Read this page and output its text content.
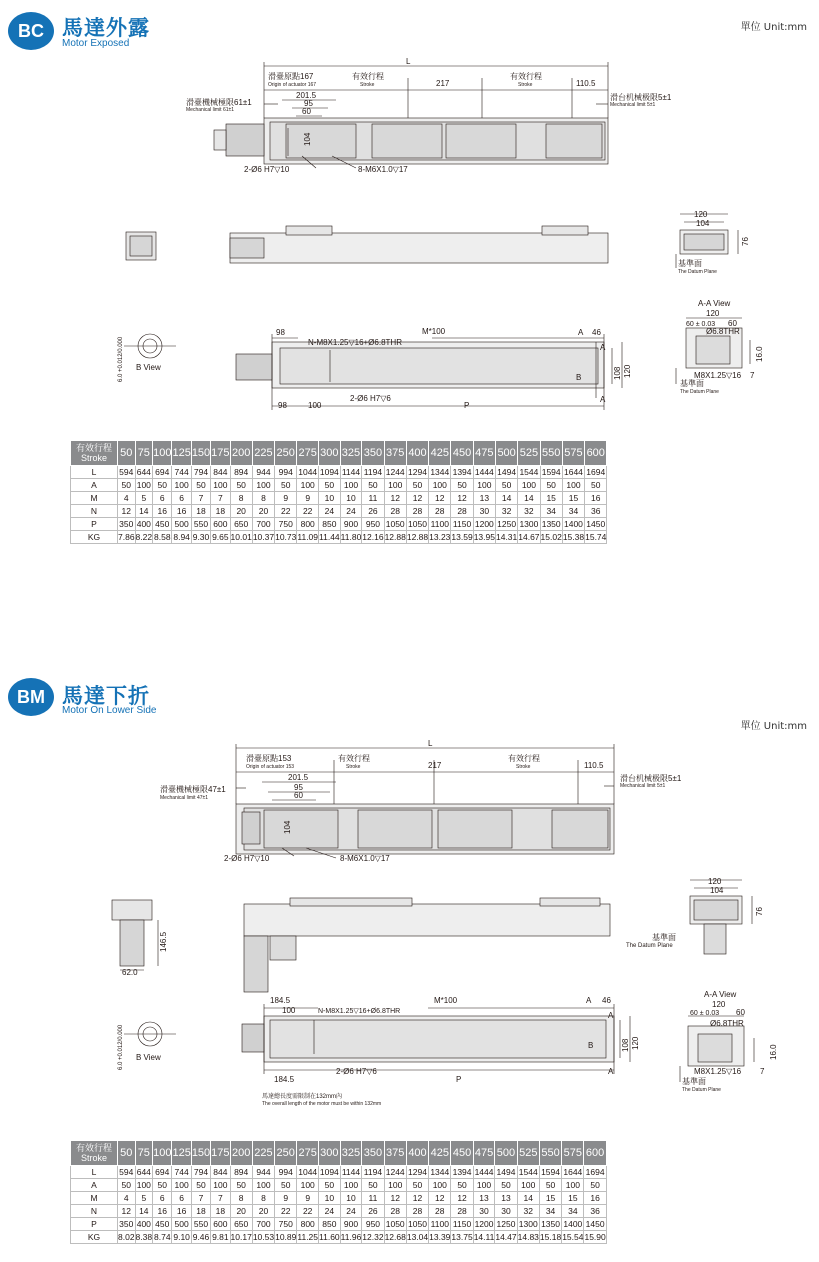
BC 馬達外露
Motor Exposed
單位 Unit:mm
L
滑臺原點167
Origin of actuator 167
有效行程
Stroke	217
有效行程
Stroke	110.5
滑台机械极限5±1
Mechanical limit 5±1
滑臺機械極限61±1
Mechanical limit 61±1
201.5
95
60
104
2-Ø6 H7▽10	8-M6X1.0▽17
120
104
76
基準面
The Datum Plane
98
N-M8X1.25▽16+Ø6.8THR
M*100	A 46
A
B
A
108 120
98	100
2-Ø6 H7▽6
P
B View
6.0 +0.012/0.000
A-A View
120
60 ± 0.03 60
Ø6.8THR
16.0
M8X1.25▽16 7
基準面
The Datum Plane
有效行程
Stroke	50	75	100	125	150	175	200	225	250	275	300	325	350	375	400	425	450	475	500	525	550	575	600
L	594	644	694	744	794	844	894	944	994	1044	1094	1144	1194	1244	1294	1344	1394	1444	1494	1544	1594	1644	1694
A	50	100	50	100	50	100	50	100	50	100	50	100	50	100	50	100	50	100	50	100	50	100	50
M	4	5	6	6	7	7	8	8	9	9	10	10	11	12	12	12	12	13	14	14	15	15	16
N	12	14	16	16	18	18	20	20	22	22	24	24	26	28	28	28	28	30	32	32	34	34	36
P	350	400	450	500	550	600	650	700	750	800	850	900	950	1050	1050	1100	1150	1200	1250	1300	1350	1400	1450
KG	7.86	8.22	8.58	8.94	9.30	9.65	10.01	10.37	10.73	11.09	11.44	11.80	12.16	12.88	12.88	13.23	13.59	13.95	14.31	14.67	15.02	15.38	15.74
BM 馬達下折
Motor On Lower Side
單位 Unit:mm
L
滑臺原點153
Origin of actuator 153
有效行程
Stroke	217
有效行程
Stroke	110.5
滑台机械极限5±1
Mechanical limit 5±1
滑臺機械極限47±1
Mechanical limit 47±1
201.5
95
60
104
2-Ø6 H7▽10	8-M6X1.0▽17
146.5
62.0
120
104
76
基準面
The Datum Plane
184.5
100	N-M8X1.25▽16+Ø6.8THR
M*100	A 46
A
B
A
108 120
184.5
2-Ø6 H7▽6
P
馬達總長度需限制在132mm內
The overall length of the motor must be within 132mm
B View
6.0 +0.012/0.000
A-A View
120
60 ± 0.03 60
Ø6.8THR
16.0
M8X1.25▽16 7
基準面
The Datum Plane
有效行程
Stroke	50	75	100	125	150	175	200	225	250	275	300	325	350	375	400	425	450	475	500	525	550	575	600
L	594	644	694	744	794	844	894	944	994	1044	1094	1144	1194	1244	1294	1344	1394	1444	1494	1544	1594	1644	1694
A	50	100	50	100	50	100	50	100	50	100	50	100	50	100	50	100	50	100	50	100	50	100	50
M	4	5	6	6	7	7	8	8	9	9	10	10	11	12	12	12	12	13	13	14	15	15	16
N	12	14	16	16	18	18	20	20	22	22	24	24	26	28	28	28	28	30	30	32	34	34	36
P	350	400	450	500	550	600	650	700	750	800	850	900	950	1050	1050	1100	1150	1200	1250	1300	1350	1400	1450
KG	8.02	8.38	8.74	9.10	9.46	9.81	10.17	10.53	10.89	11.25	11.60	11.96	12.32	12.68	13.04	13.39	13.75	14.11	14.47	14.83	15.18	15.54	15.90
